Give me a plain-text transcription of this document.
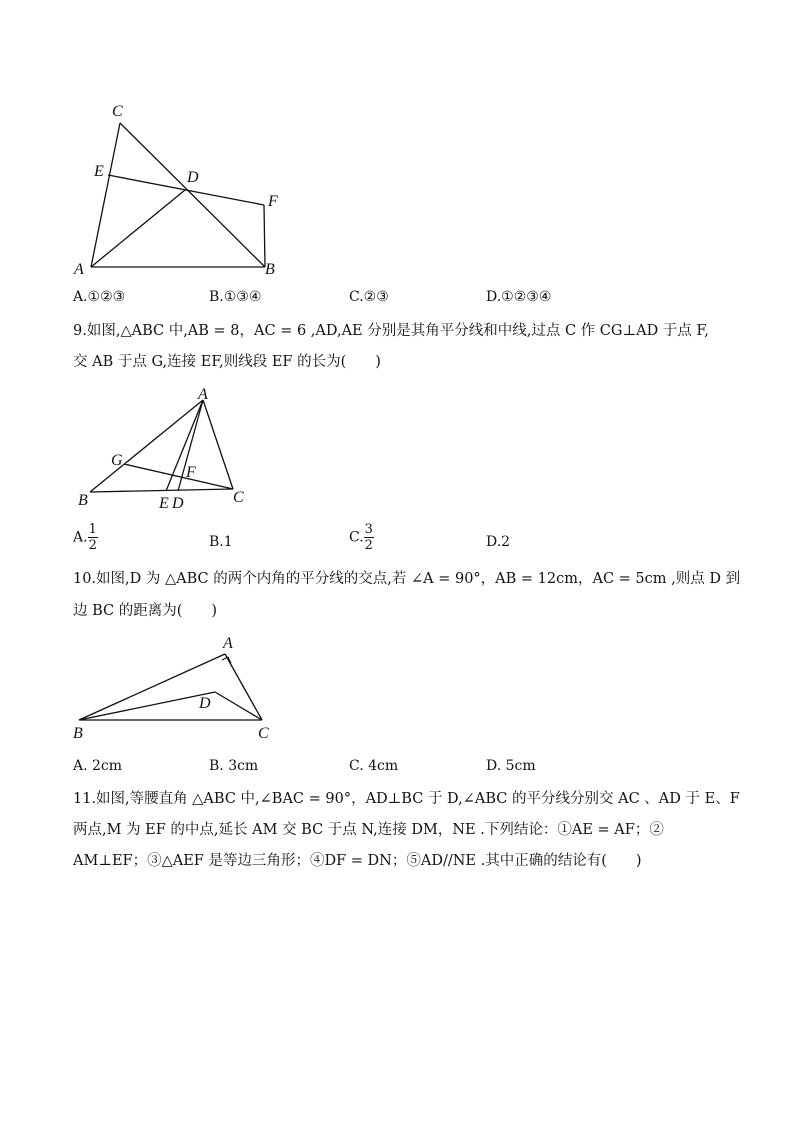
C
E	D
F
A	B
A.①②③	B.①③④	C.②③	D.①②③④
9.如图,△ABC 中,AB = 8，AC = 6 ,AD,AE 分别是其角平分线和中线,过点 C 作 CG⊥AD 于点 F,
交 AB 于点 G,连接 EF,则线段 EF 的长为(　　)
A
G
F
B	E D	C
A. $\frac{1}{2}$	B.1	C. $\frac{3}{2}$	D.2
10.如图,D 为 △ABC 的两个内角的平分线的交点,若 ∠A = 90°，AB = 12cm，AC = 5cm ,则点 D 到
边 BC 的距离为(　　)
A
D
B	C
A. 2cm	B. 3cm	C. 4cm	D. 5cm
11.如图,等腰直角 △ABC 中,∠BAC = 90°，AD⊥BC 于 D,∠ABC 的平分线分别交 AC 、AD 于 E、F
两点,M 为 EF 的中点,延长 AM 交 BC 于点 N,连接 DM，NE .下列结论：①AE = AF；②
AM⊥EF；③△AEF 是等边三角形；④DF = DN；⑤AD//NE .其中正确的结论有(　　)
